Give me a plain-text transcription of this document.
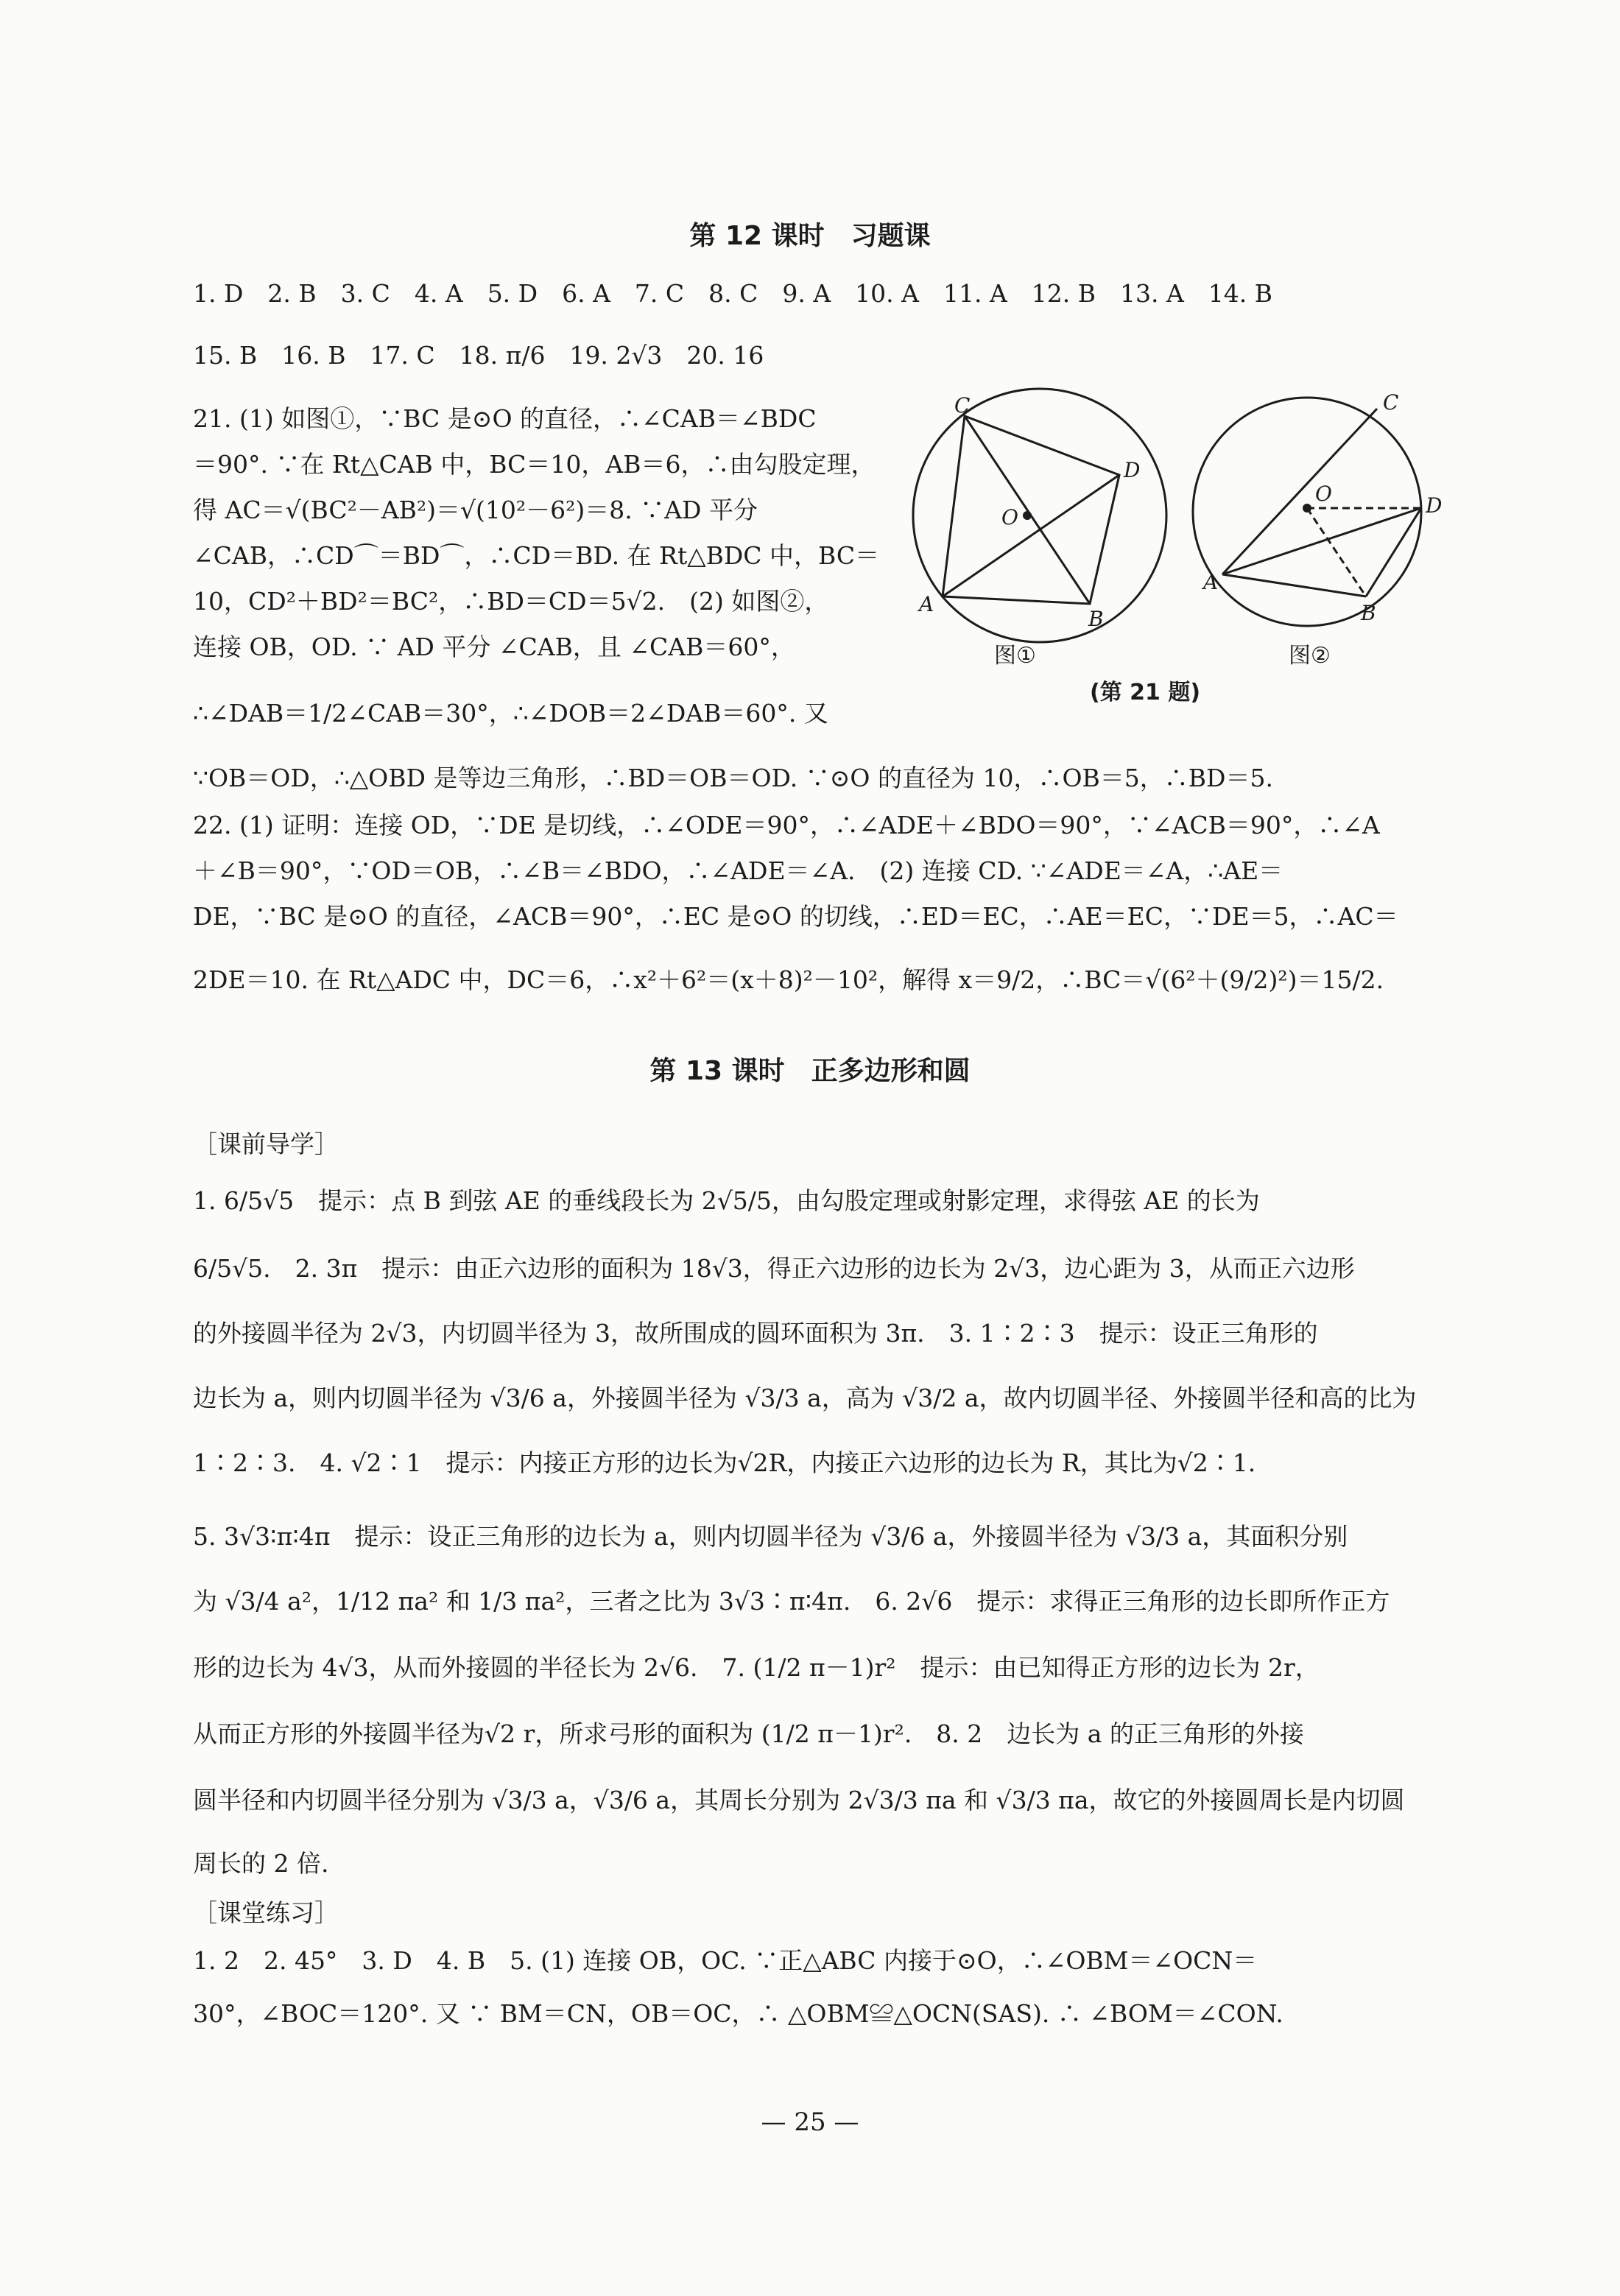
第 12 课时　习题课
1. D　2. B　3. C　4. A　5. D　6. A　7. C　8. C　9. A　10. A　11. A　12. B　13. A　14. B
15. B　16. B　17. C　18. π/6　19. 2√3　20. 16
21. (1) 如图①，∵BC 是⊙O 的直径，∴∠CAB＝∠BDC
＝90°. ∵在 Rt△CAB 中，BC＝10，AB＝6，∴由勾股定理，
得 AC＝√(BC²－AB²)＝√(10²－6²)＝8. ∵AD 平分
∠CAB，∴CD⌒＝BD⌒，∴CD＝BD. 在 Rt△BDC 中，BC＝
10，CD²＋BD²＝BC²，∴BD＝CD＝5√2.　(2) 如图②，
连接 OB，OD. ∵ AD 平分 ∠CAB，且 ∠CAB＝60°，
∴∠DAB＝1/2∠CAB＝30°，∴∠DOB＝2∠DAB＝60°. 又
∵OB＝OD，∴△OBD 是等边三角形，∴BD＝OB＝OD. ∵⊙O 的直径为 10，∴OB＝5，∴BD＝5.
22. (1) 证明：连接 OD，∵DE 是切线，∴∠ODE＝90°，∴∠ADE＋∠BDO＝90°，∵∠ACB＝90°，∴∠A
＋∠B＝90°，∵OD＝OB，∴∠B＝∠BDO，∴∠ADE＝∠A.　(2) 连接 CD. ∵∠ADE＝∠A，∴AE＝
DE，∵BC 是⊙O 的直径，∠ACB＝90°，∴EC 是⊙O 的切线，∴ED＝EC，∴AE＝EC，∵DE＝5，∴AC＝
2DE＝10. 在 Rt△ADC 中，DC＝6，∴x²＋6²＝(x＋8)²－10²，解得 x＝9/2，∴BC＝√(6²＋(9/2)²)＝15/2.
C
D
O
A
B
C
O	D
A
B
图①	图②
(第 21 题)
第 13 课时　正多边形和圆
［课前导学］
1. 6/5√5　提示：点 B 到弦 AE 的垂线段长为 2√5/5，由勾股定理或射影定理，求得弦 AE 的长为
6/5√5.　2. 3π　提示：由正六边形的面积为 18√3，得正六边形的边长为 2√3，边心距为 3，从而正六边形
的外接圆半径为 2√3，内切圆半径为 3，故所围成的圆环面积为 3π.　3. 1∶2∶3　提示：设正三角形的
边长为 a，则内切圆半径为 √3/6 a，外接圆半径为 √3/3 a，高为 √3/2 a，故内切圆半径、外接圆半径和高的比为
1∶2∶3.　4. √2∶1　提示：内接正方形的边长为√2R，内接正六边形的边长为 R，其比为√2∶1.
5. 3√3∶π∶4π　提示：设正三角形的边长为 a，则内切圆半径为 √3/6 a，外接圆半径为 √3/3 a，其面积分别
为 √3/4 a²，1/12 πa² 和 1/3 πa²，三者之比为 3√3∶π∶4π.　6. 2√6　提示：求得正三角形的边长即所作正方
形的边长为 4√3，从而外接圆的半径长为 2√6.　7. (1/2 π－1)r²　提示：由已知得正方形的边长为 2r，
从而正方形的外接圆半径为√2 r，所求弓形的面积为 (1/2 π－1)r².　8. 2　边长为 a 的正三角形的外接
圆半径和内切圆半径分别为 √3/3 a，√3/6 a，其周长分别为 2√3/3 πa 和 √3/3 πa，故它的外接圆周长是内切圆
周长的 2 倍.
［课堂练习］
1. 2　2. 45°　3. D　4. B　5. (1) 连接 OB，OC. ∵正△ABC 内接于⊙O，∴∠OBM＝∠OCN＝
30°，∠BOC＝120°. 又 ∵ BM＝CN，OB＝OC，∴ △OBM≌△OCN(SAS). ∴ ∠BOM＝∠CON.
— 25 —
